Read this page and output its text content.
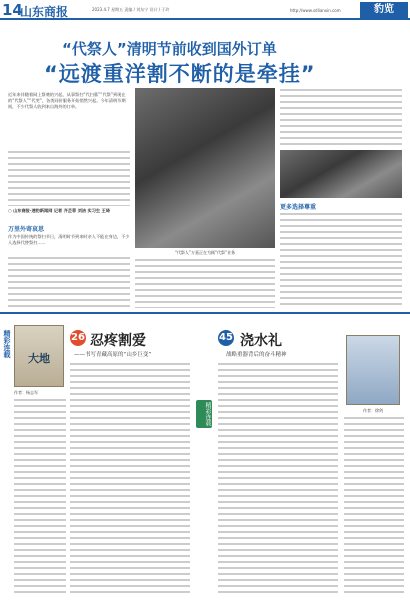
14
山东商报	2023.4.7 星期五 责编 / 刘东宁 设计 / 于玲	http://www.sdlianxin.com	豹览
“代祭人”清明节前收到国外订单
“远渡重洋割不断的是牵挂”
近年来伴随着网上祭奠的兴起，从事祭扫“代扫墓”“代祭”到现在的“代祭人”“代哭”，各类同价服务开始悄然兴起。今年清明节期间，不少代祭人收到来自海外的订单。
○ 山东商报·速豹新闻网 记者 齐芷菲 刘洁 实习生 王琦
万里外寄哀思
作为中国传统的祭扫节日，清明时节到来时亲人不能在身边，不少人选择代替祭扫……
“代祭人”万嘉正在为顾“代祭”业务
更多选择尊重
精彩连载
大地
26 忍疼割爱
——书写青藏高原的“山乡巨变”
作者：杨志军
精彩连载
45 浇水礼
战略重器背后的奋斗精神
作者：徐剑
